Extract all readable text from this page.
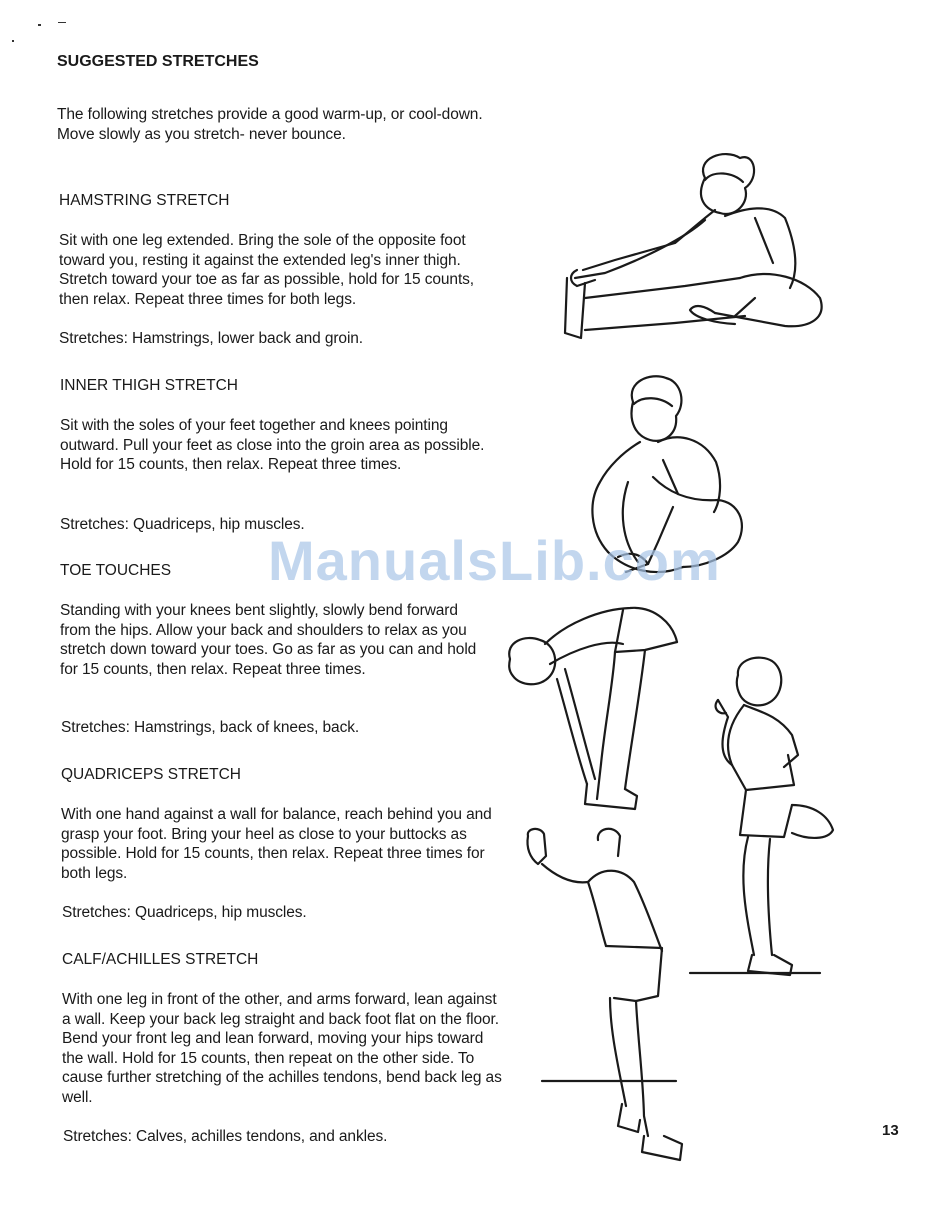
SUGGESTED STRETCHES
The following stretches provide a good warm-up, or cool-down. Move slowly as you stretch- never bounce.
HAMSTRING STRETCH
Sit with one leg extended. Bring the sole of the opposite foot toward you, resting it against the extended leg's inner thigh. Stretch toward your toe as far as possible, hold for 15 counts, then relax. Repeat three times for both legs.
Stretches: Hamstrings, lower back and groin.
INNER THIGH STRETCH
Sit with the soles of your feet together and knees pointing outward. Pull your feet as close into the groin area as possible. Hold for 15 counts, then relax. Repeat three times.
Stretches: Quadriceps, hip muscles.
TOE TOUCHES
Standing with your knees bent slightly, slowly bend forward from the hips. Allow your back and shoulders to relax as you stretch down toward your toes. Go as far as you can and hold for 15 counts, then relax. Repeat three times.
Stretches: Hamstrings, back of knees, back.
QUADRICEPS STRETCH
With one hand against a wall for balance, reach behind you and grasp your foot. Bring your heel as close to your buttocks as possible. Hold for 15 counts, then relax. Repeat three times for both legs.
Stretches: Quadriceps, hip muscles.
CALF/ACHILLES STRETCH
With one leg in front of the other, and arms forward, lean against a wall. Keep your back leg straight and back foot flat on the floor. Bend your front leg and lean forward, moving your hips toward the wall. Hold for 15 counts, then repeat on the other side. To cause further stretching of the achilles tendons, bend back leg as well.
Stretches: Calves, achilles tendons, and ankles.	13
ManualsLib.com
